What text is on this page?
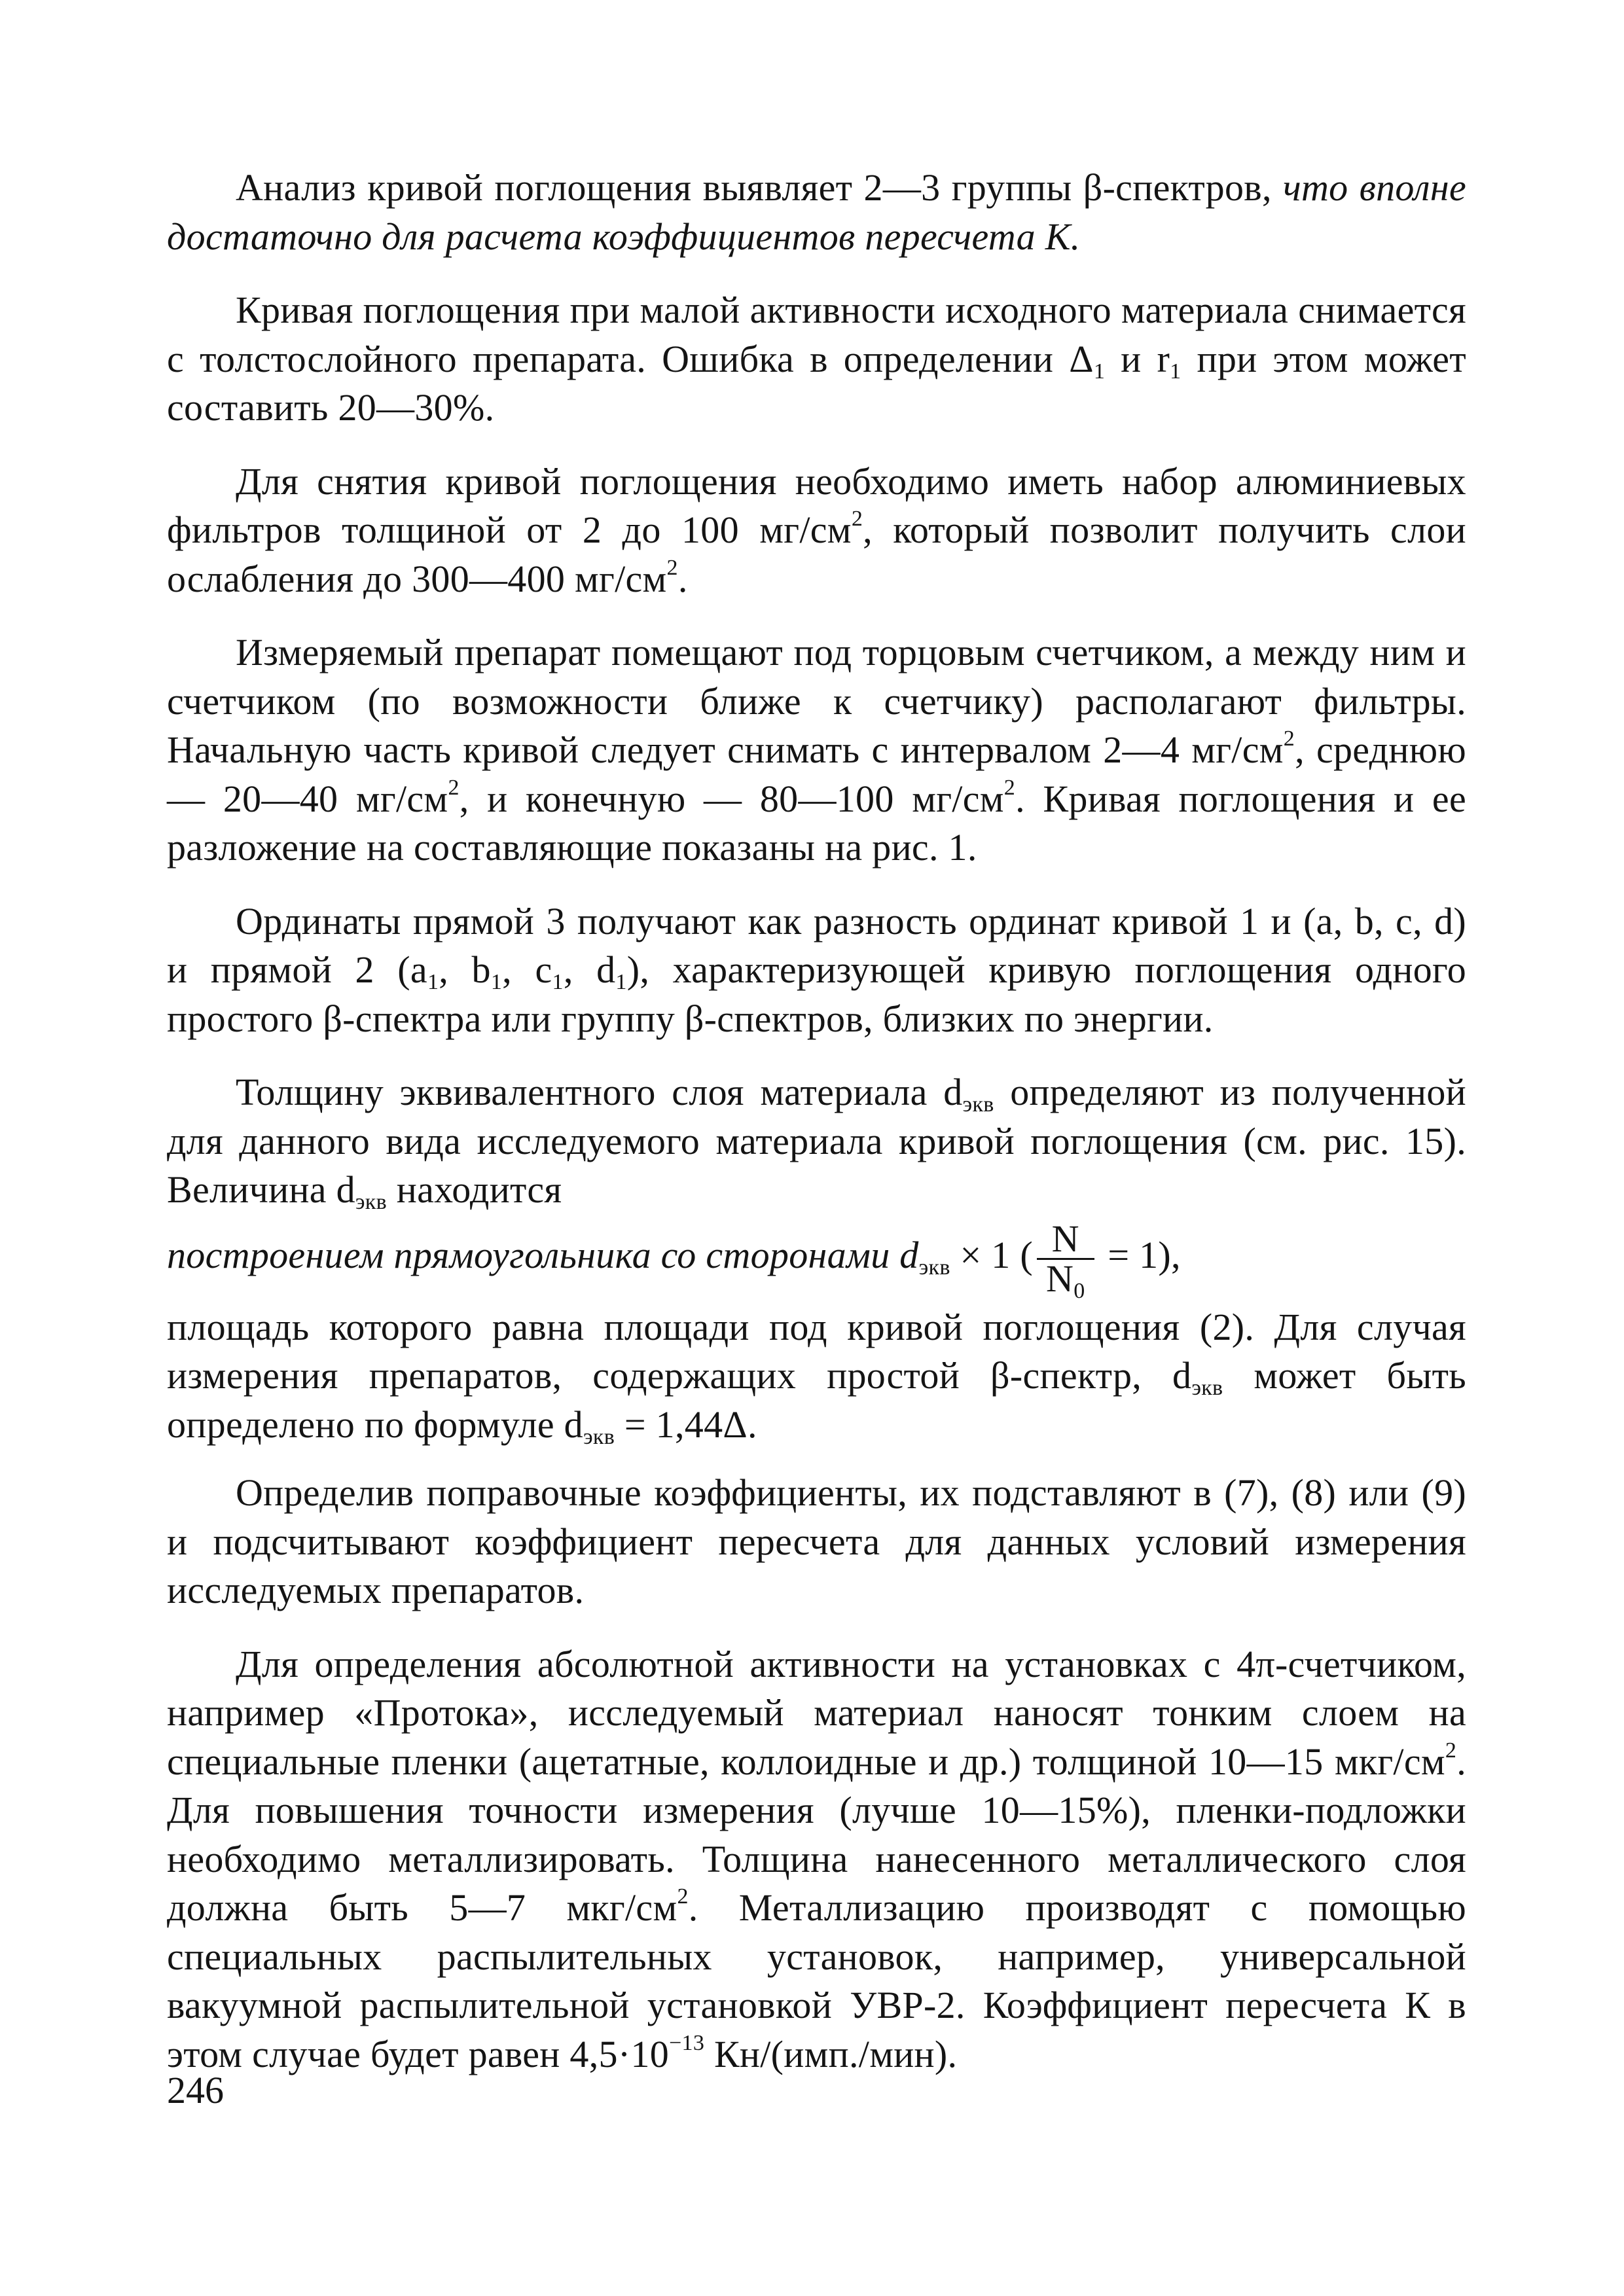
Анализ кривой поглощения выявляет 2—3 группы β-спектров, что вполне достаточно для расчета коэффициентов пересчета К.

Кривая поглощения при малой активности исходного материала снимается с толстослойного препарата. Ошибка в определении $\Delta_1$ и $r_1$ при этом может составить 20—30%.

Для снятия кривой поглощения необходимо иметь набор алюминиевых фильтров толщиной от 2 до 100 $мг/см^2$, который позволит получить слои ослабления до 300—400 $мг/см^2$.

Измеряемый препарат помещают под торцовым счетчиком, а между ним и счетчиком (по возможности ближе к счетчику) располагают фильтры. Начальную часть кривой следует снимать с интервалом 2—4 $мг/см^2$, среднюю — 20—40 $мг/см^2$, и конечную — 80—100 $мг/см^2$. Кривая поглощения и ее разложение на составляющие показаны на рис. 1.

Ординаты прямой 3 получают как разность ординат кривой 1 и (a, b, c, d) и прямой 2 ($a_1$, $b_1$, $c_1$, $d_1$), характеризующей кривую поглощения одного простого β-спектра или группу β-спектров, близких по энергии.

Толщину эквивалентного слоя материала $d_{экв}$ определяют из полученной для данного вида исследуемого материала кривой поглощения (см. рис. 15). Величина $d_{экв}$ находится
построением прямоугольника со сторонами $d_{экв} \times 1$ ( $\frac{N}{N_0} = 1$),
площадь которого равна площади под кривой поглощения (2). Для случая измерения препаратов, содержащих простой β-спектр, $d_{экв}$ может быть определено по формуле $d_{экв} = 1,44\Delta$.

Определив поправочные коэффициенты, их подставляют в (7), (8) или (9) и подсчитывают коэффициент пересчета для данных условий измерения исследуемых препаратов.

Для определения абсолютной активности на установках с 4π-счетчиком, например «Протока», исследуемый материал наносят тонким слоем на специальные пленки (ацетатные, коллоидные и др.) толщиной 10—15 мкг/$см^2$. Для повышения точности измерения (лучше 10—15%), пленки-подложки необходимо металлизировать. Толщина нанесенного металлического слоя должна быть 5—7 мкг/$см^2$. Металлизацию производят с помощью специальных распылительных установок, например, универсальной вакуумной распылительной установкой УВР-2. Коэффициент пересчета К в этом случае будет равен $4,5\cdot 10^{-13}$ Кн/(имп./мин).

246
